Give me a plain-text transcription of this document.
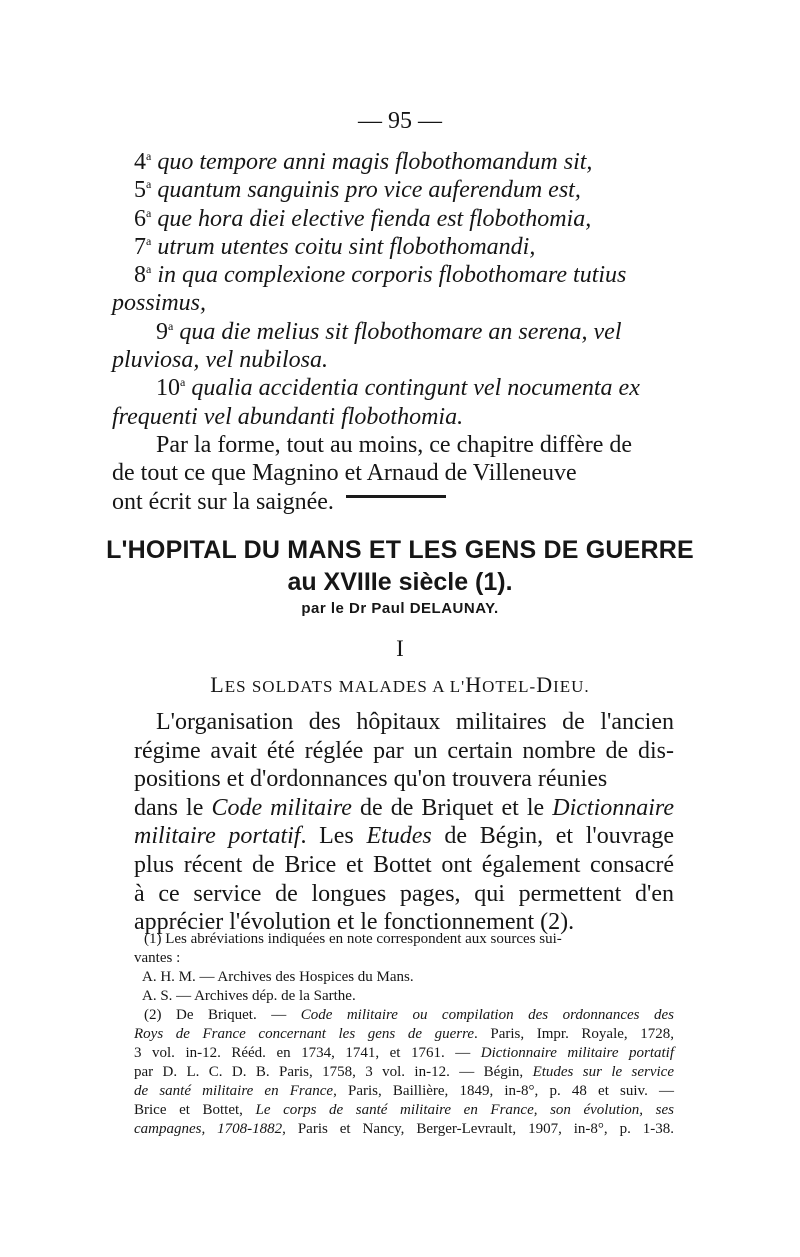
— 95 —
4$^a$ quo tempore anni magis flobothomandum sit,
5$^a$ quantum sanguinis pro vice auferendum est,
6$^a$ que hora diei elective fienda est flobothomia,
7$^a$ utrum utentes coitu sint flobothomandi,
8$^a$ in qua complexione corporis flobothomare tutius
possimus,
9$^a$ qua die melius sit flobothomare an serena, vel
pluviosa, vel nubilosa.
10$^a$ qualia accidentia contingunt vel nocumenta ex
frequenti vel abundanti flobothomia.
Par la forme, tout au moins, ce chapitre diffère de
de tout ce que Magnino et Arnaud de Villeneuve
ont écrit sur la saignée.
L'HOPITAL DU MANS ET LES GENS DE GUERRE
au XVIIIe siècle (1).
par le Dr Paul DELAUNAY.
I
LES SOLDATS MALADES A L'HOTEL-DIEU.
L'organisation des hôpitaux militaires de l'ancien
régime avait été réglée par un certain nombre de dis-
positions et d'ordonnances qu'on trouvera réunies
dans le Code militaire de de Briquet et le Dictionnaire
militaire portatif. Les Etudes de Bégin, et l'ouvrage
plus récent de Brice et Bottet ont également consacré
à ce service de longues pages, qui permettent d'en
apprécier l'évolution et le fonctionnement (2).
(1) Les abréviations indiquées en note correspondent aux sources sui-
vantes :
A. H. M. — Archives des Hospices du Mans.
A. S. — Archives dép. de la Sarthe.
(2) De Briquet. — Code militaire ou compilation des ordonnances des
Roys de France concernant les gens de guerre. Paris, Impr. Royale, 1728,
3 vol. in-12. Rééd. en 1734, 1741, et 1761. — Dictionnaire militaire portatif
par D. L. C. D. B. Paris, 1758, 3 vol. in-12. — Bégin, Etudes sur le service
de santé militaire en France, Paris, Baillière, 1849, in-8°, p. 48 et suiv. —
Brice et Bottet, Le corps de santé militaire en France, son évolution, ses
campagnes, 1708-1882, Paris et Nancy, Berger-Levrault, 1907, in-8°, p. 1-38.
